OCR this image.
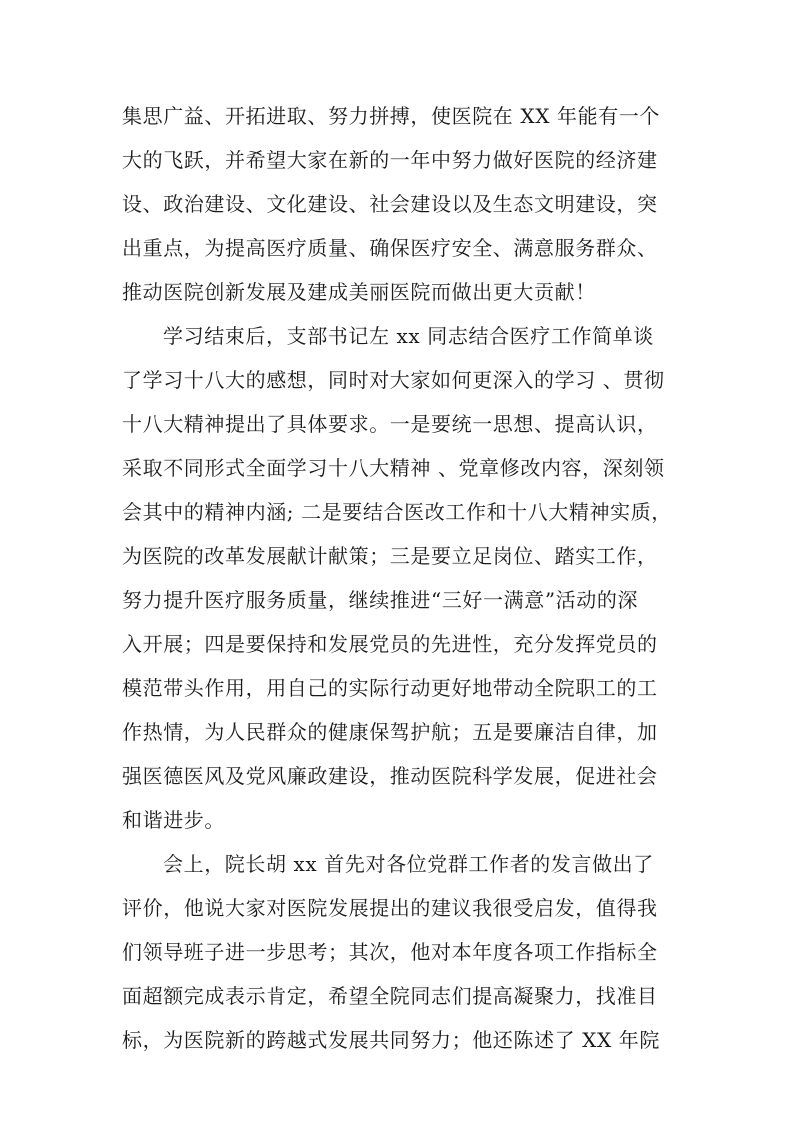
集思广益、开拓进取、努力拼搏，使医院在 XX 年能有一个
大的飞跃，并希望大家在新的一年中努力做好医院的经济建
设、政治建设、文化建设、社会建设以及生态文明建设，突
出重点，为提高医疗质量、确保医疗安全、满意服务群众、
推动医院创新发展及建成美丽医院而做出更大贡献！
学习结束后，支部书记左 xx 同志结合医疗工作简单谈
了学习十八大的感想，同时对大家如何更深入的学习 、贯彻
十八大精神提出了具体要求。一是要统一思想、提高认识，
采取不同形式全面学习十八大精神 、党章修改内容，深刻领
会其中的精神内涵; 二是要结合医改工作和十八大精神实质，
为医院的改革发展献计献策；三是要立足岗位、踏实工作，
努力提升医疗服务质量，继续推进“三好一满意”活动的深
入开展；四是要保持和发展党员的先进性，充分发挥党员的
模范带头作用，用自己的实际行动更好地带动全院职工的工
作热情，为人民群众的健康保驾护航；五是要廉洁自律，加
强医德医风及党风廉政建设，推动医院科学发展，促进社会
和谐进步。
会上，院长胡 xx 首先对各位党群工作者的发言做出了
评价，他说大家对医院发展提出的建议我很受启发，值得我
们领导班子进一步思考；其次，他对本年度各项工作指标全
面超额完成表示肯定，希望全院同志们提高凝聚力，找准目
标，为医院新的跨越式发展共同努力；他还陈述了 XX 年院
